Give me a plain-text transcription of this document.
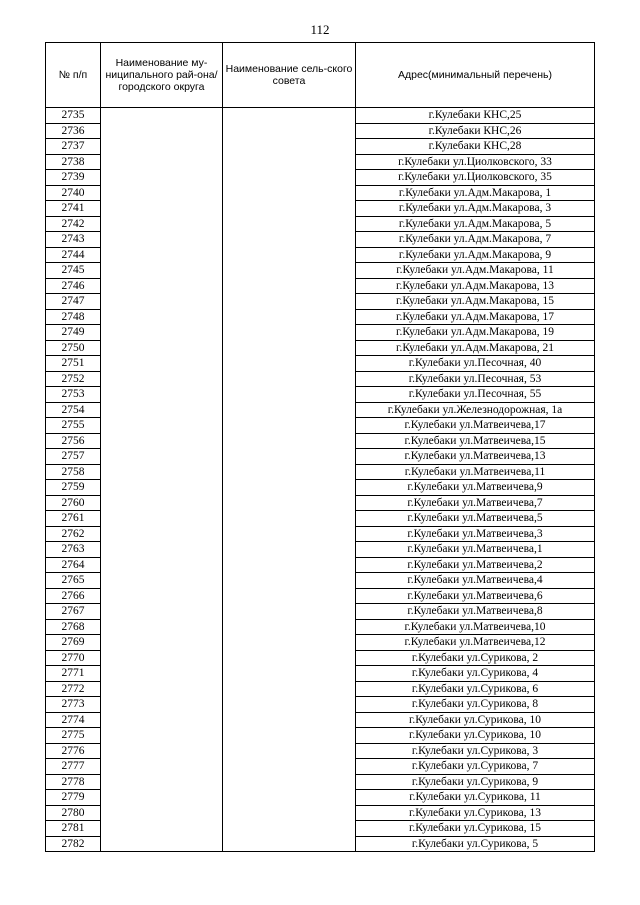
112
№ п/п	Наименование му-ниципального рай-она/ городского округа	Наименование сель-ского совета	Адрес(минимальный перечень)
2735			г.Кулебаки КНС,25
2736			г.Кулебаки КНС,26
2737			г.Кулебаки КНС,28
2738			г.Кулебаки ул.Циолковского, 33
2739			г.Кулебаки ул.Циолковского, 35
2740			г.Кулебаки ул.Адм.Макарова, 1
2741			г.Кулебаки ул.Адм.Макарова, 3
2742			г.Кулебаки ул.Адм.Макарова, 5
2743			г.Кулебаки ул.Адм.Макарова, 7
2744			г.Кулебаки ул.Адм.Макарова, 9
2745			г.Кулебаки ул.Адм.Макарова, 11
2746			г.Кулебаки ул.Адм.Макарова, 13
2747			г.Кулебаки ул.Адм.Макарова, 15
2748			г.Кулебаки ул.Адм.Макарова, 17
2749			г.Кулебаки ул.Адм.Макарова, 19
2750			г.Кулебаки ул.Адм.Макарова, 21
2751			г.Кулебаки ул.Песочная, 40
2752			г.Кулебаки ул.Песочная, 53
2753			г.Кулебаки ул.Песочная, 55
2754			г.Кулебаки ул.Железнодорожная, 1а
2755			г.Кулебаки ул.Матвеичева,17
2756			г.Кулебаки ул.Матвеичева,15
2757			г.Кулебаки ул.Матвеичева,13
2758			г.Кулебаки ул.Матвеичева,11
2759			г.Кулебаки ул.Матвеичева,9
2760			г.Кулебаки ул.Матвеичева,7
2761			г.Кулебаки ул.Матвеичева,5
2762			г.Кулебаки ул.Матвеичева,3
2763			г.Кулебаки ул.Матвеичева,1
2764			г.Кулебаки ул.Матвеичева,2
2765			г.Кулебаки ул.Матвеичева,4
2766			г.Кулебаки ул.Матвеичева,6
2767			г.Кулебаки ул.Матвеичева,8
2768			г.Кулебаки ул.Матвеичева,10
2769			г.Кулебаки ул.Матвеичева,12
2770			г.Кулебаки ул.Сурикова, 2
2771			г.Кулебаки ул.Сурикова, 4
2772			г.Кулебаки ул.Сурикова, 6
2773			г.Кулебаки ул.Сурикова, 8
2774			г.Кулебаки ул.Сурикова, 10
2775			г.Кулебаки ул.Сурикова, 10
2776			г.Кулебаки ул.Сурикова, 3
2777			г.Кулебаки ул.Сурикова, 7
2778			г.Кулебаки ул.Сурикова, 9
2779			г.Кулебаки ул.Сурикова, 11
2780			г.Кулебаки ул.Сурикова, 13
2781			г.Кулебаки ул.Сурикова, 15
2782			г.Кулебаки ул.Сурикова, 5
